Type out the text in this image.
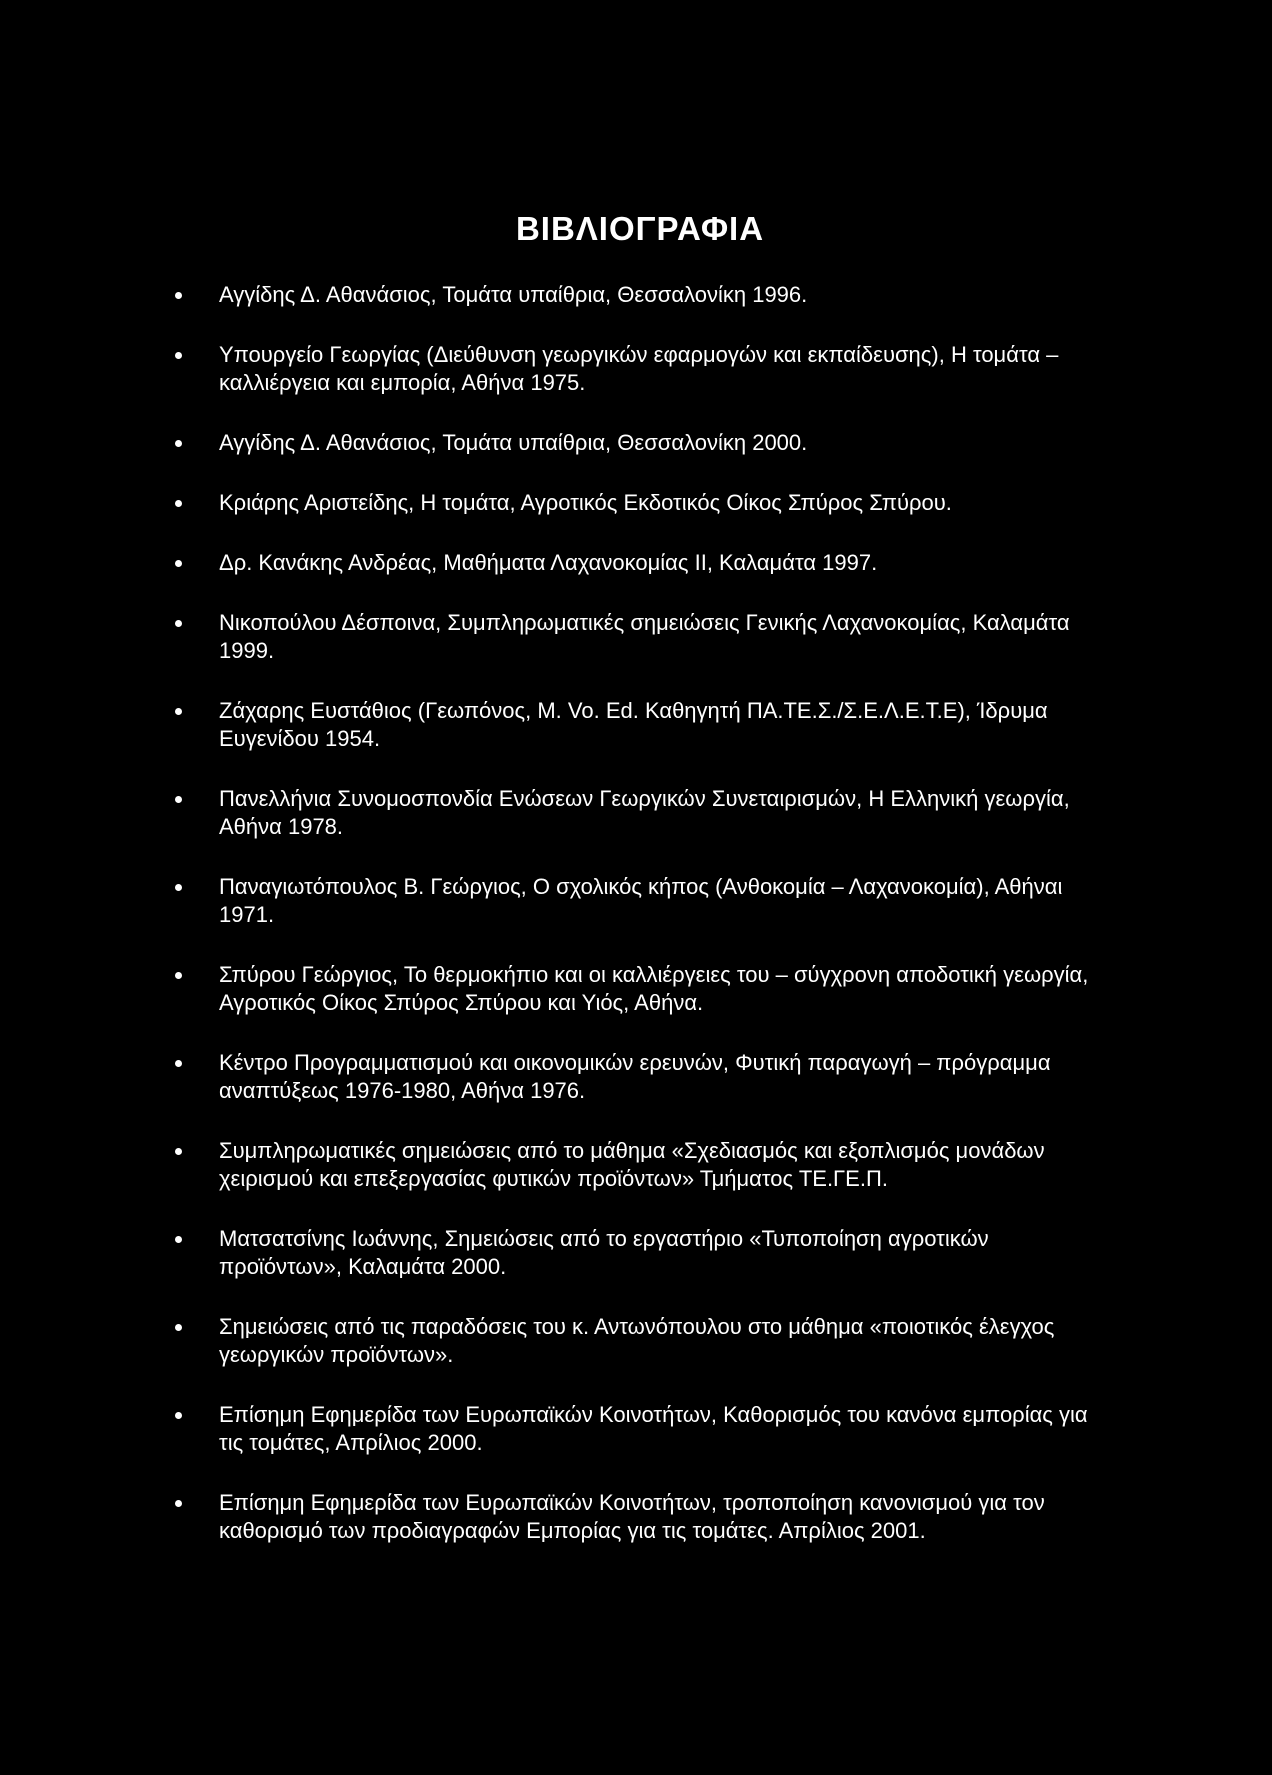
ΒΙΒΛΙΟΓΡΑΦΙΑ
Αγγίδης Δ. Αθανάσιος, Τομάτα υπαίθρια, Θεσσαλονίκη 1996.
Υπουργείο Γεωργίας (Διεύθυνση γεωργικών εφαρμογών και εκπαίδευσης), Η τομάτα – καλλιέργεια και εμπορία, Αθήνα 1975.
Αγγίδης Δ. Αθανάσιος, Τομάτα υπαίθρια, Θεσσαλονίκη 2000.
Κριάρης Αριστείδης, Η τομάτα, Αγροτικός Εκδοτικός Οίκος Σπύρος Σπύρου.
Δρ. Κανάκης Ανδρέας, Μαθήματα Λαχανοκομίας ΙΙ, Καλαμάτα 1997.
Νικοπούλου Δέσποινα, Συμπληρωματικές σημειώσεις Γενικής Λαχανοκομίας, Καλαμάτα 1999.
Ζάχαρης Ευστάθιος (Γεωπόνος, Μ. Vo. Ed. Καθηγητή ΠΑ.ΤΕ.Σ./Σ.Ε.Λ.Ε.Τ.Ε), Ίδρυμα Ευγενίδου 1954.
Πανελλήνια Συνομοσπονδία Ενώσεων Γεωργικών Συνεταιρισμών, Η Ελληνική γεωργία, Αθήνα 1978.
Παναγιωτόπουλος Β. Γεώργιος, Ο σχολικός κήπος (Ανθοκομία – Λαχανοκομία), Αθήναι 1971.
Σπύρου Γεώργιος, Το θερμοκήπιο και οι καλλιέργειες του – σύγχρονη αποδοτική γεωργία, Αγροτικός Οίκος Σπύρος Σπύρου και Υιός, Αθήνα.
Κέντρο Προγραμματισμού και οικονομικών ερευνών, Φυτική παραγωγή – πρόγραμμα αναπτύξεως 1976-1980, Αθήνα 1976.
Συμπληρωματικές σημειώσεις από το μάθημα «Σχεδιασμός και εξοπλισμός μονάδων χειρισμού και επεξεργασίας φυτικών προϊόντων» Τμήματος ΤΕ.ΓΕ.Π.
Ματσατσίνης Ιωάννης, Σημειώσεις από το εργαστήριο «Τυποποίηση αγροτικών προϊόντων», Καλαμάτα 2000.
Σημειώσεις από τις παραδόσεις του κ. Αντωνόπουλου στο μάθημα «ποιοτικός έλεγχος γεωργικών προϊόντων».
Επίσημη Εφημερίδα των Ευρωπαϊκών Κοινοτήτων, Καθορισμός του κανόνα εμπορίας για τις τομάτες, Απρίλιος 2000.
Επίσημη Εφημερίδα των Ευρωπαϊκών Κοινοτήτων, τροποποίηση κανονισμού για τον καθορισμό των προδιαγραφών Εμπορίας για τις τομάτες. Απρίλιος 2001.
